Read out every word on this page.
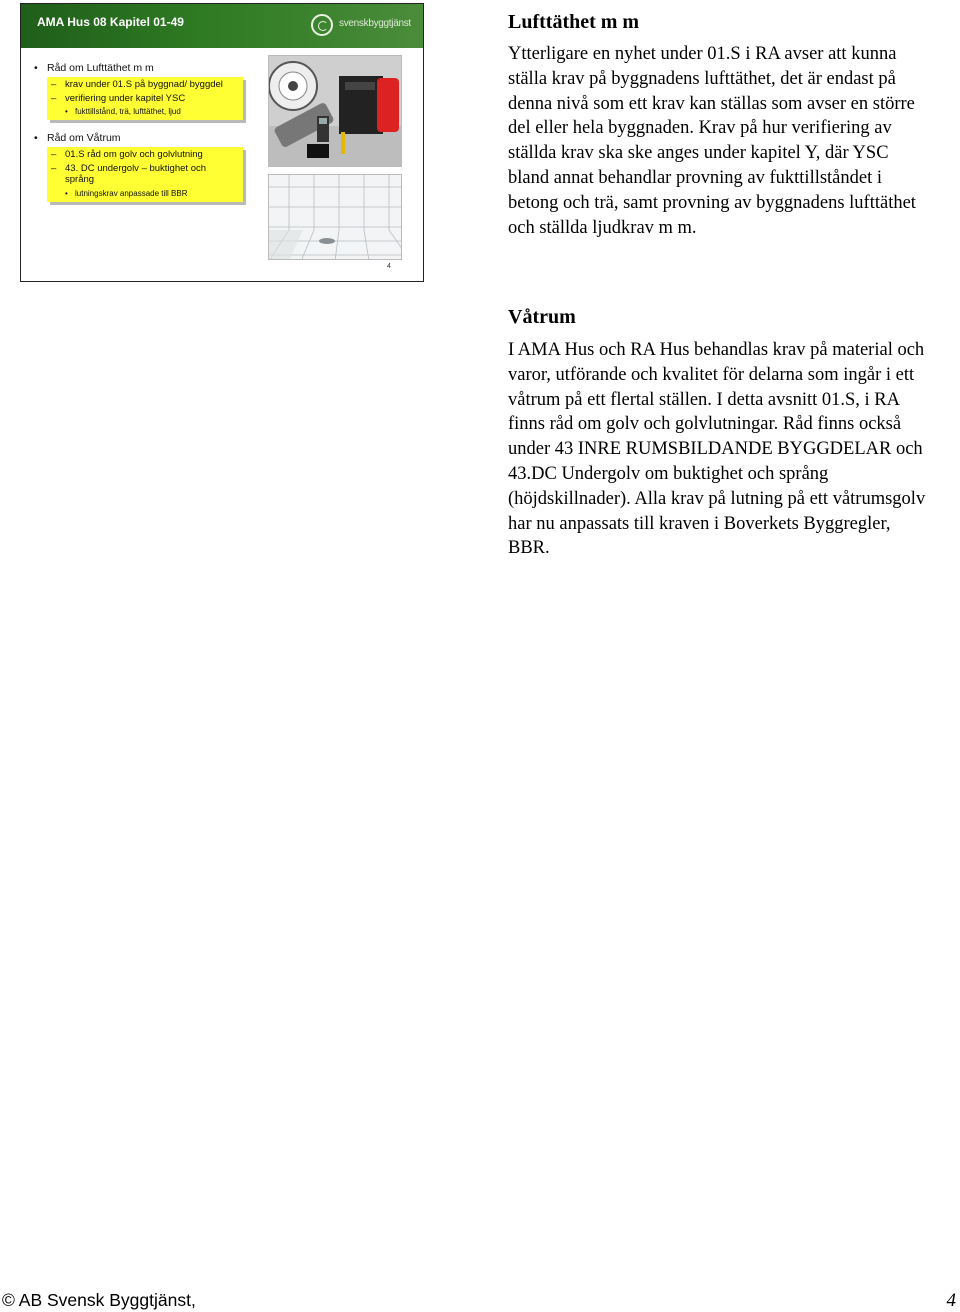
AMA Hus 08 Kapitel 01-49	svenskbyggtjänst
• Råd om Lufttäthet m m
– krav under 01.S på byggnad/ byggdel
– verifiering under kapitel YSC
• fukttillstånd, trä, lufttäthet, ljud
• Råd om Våtrum
– 01.S råd om golv och golvlutning
– 43. DC undergolv – buktighet och språng
• lutningskrav anpassade till BBR
4
Lufttäthet m m

Ytterligare en nyhet under 01.S i RA avser att kunna ställa krav på byggnadens lufttäthet, det är endast på denna nivå som ett krav kan ställas som avser en större del eller hela byggnaden. Krav på hur verifiering av ställda krav ska ske anges under kapitel Y, där YSC bland annat behandlar provning av fukttillståndet i betong och trä, samt provning av byggnadens lufttäthet och ställda ljudkrav m m.

Våtrum

I AMA Hus och RA Hus behandlas krav på material och varor, utförande och kvalitet för delarna som ingår i ett våtrum på ett flertal ställen. I detta avsnitt 01.S, i RA finns råd om golv och golvlutningar. Råd finns också under 43 INRE RUMSBILDANDE BYGGDELAR och 43.DC Undergolv om buktighet och språng (höjdskillnader). Alla krav på lutning på ett våtrumsgolv har nu anpassats till kraven i Boverkets Byggregler, BBR.

© AB Svensk Byggtjänst,	4
